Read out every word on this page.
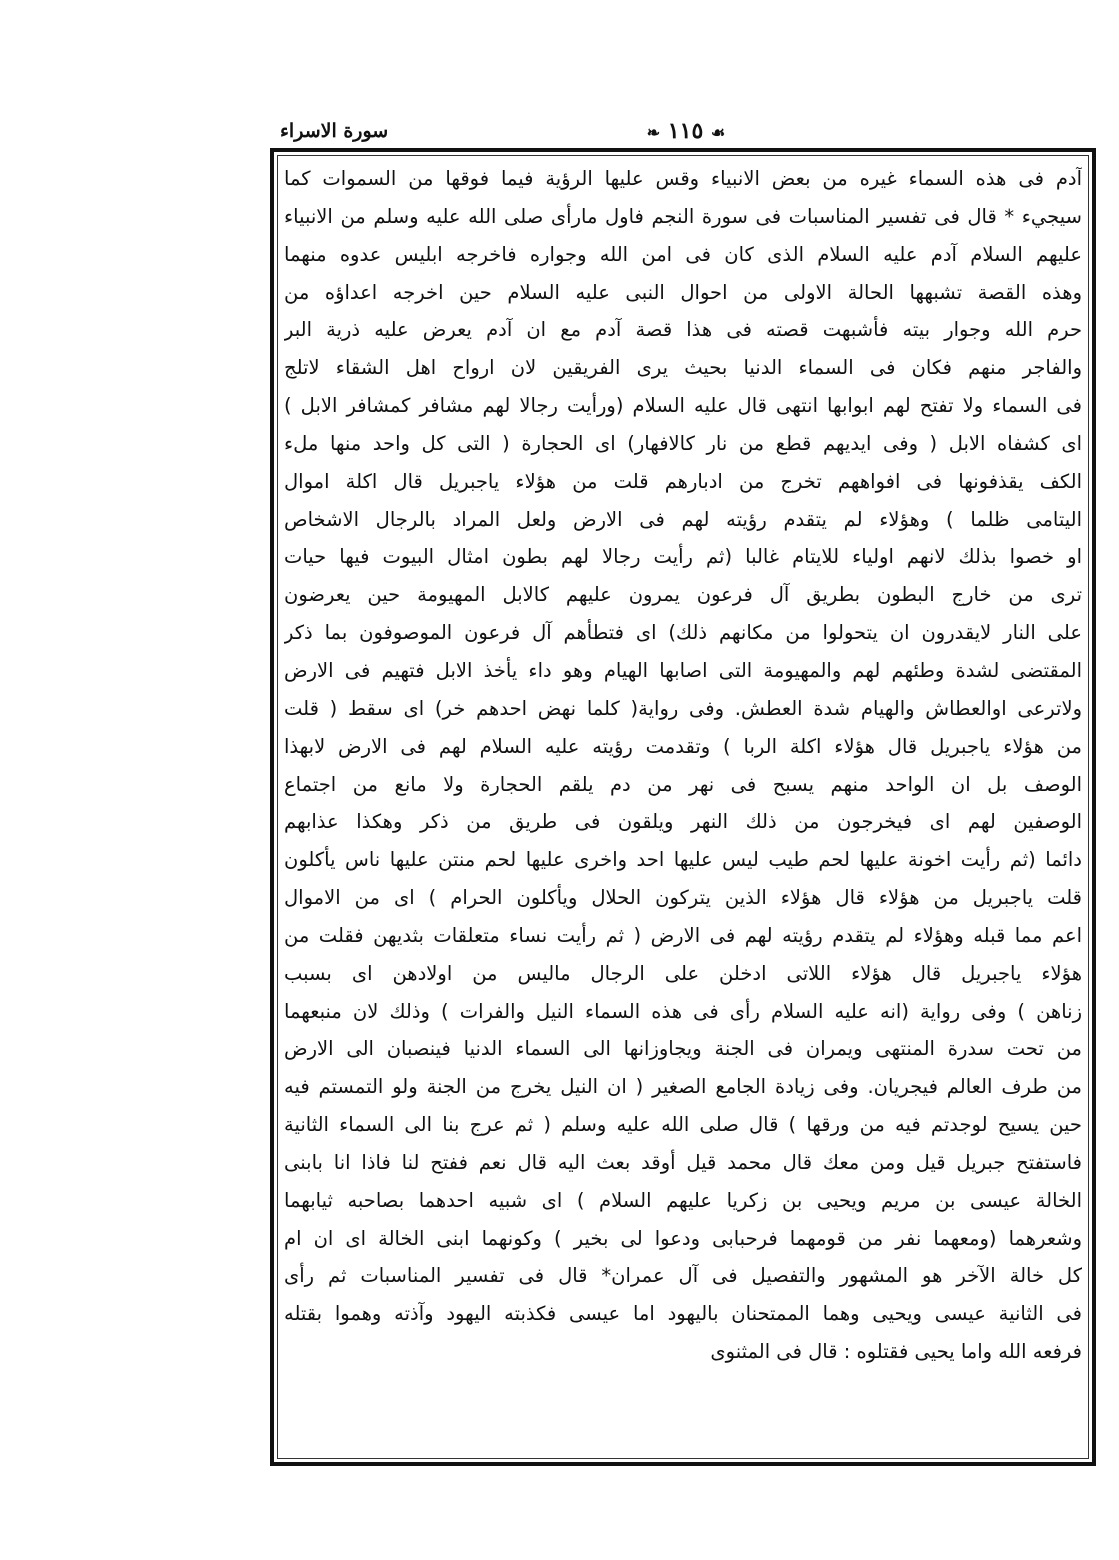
☙ ١١٥ ❧
سورة الاسراء
آدم فى هذه السماء غيره من بعض الانبياء وقس عليها الرؤية فيما فوقها من السموات كما
سيجيء * قال فى تفسير المناسبات فى سورة النجم فاول مارأى صلى الله عليه وسلم من الانبياء
عليهم السلام آدم عليه السلام الذى كان فى امن الله وجواره فاخرجه ابليس عدوه منهما
وهذه القصة تشبهها الحالة الاولى من احوال النبى عليه السلام حين اخرجه اعداؤه من
حرم الله وجوار بيته فأشبهت قصته فى هذا قصة آدم مع ان آدم يعرض عليه ذرية البر
والفاجر منهم فكان فى السماء الدنيا بحيث يرى الفريقين لان ارواح اهل الشقاء لاتلج
فى السماء ولا تفتح لهم ابوابها انتهى قال عليه السلام (ورأيت رجالا لهم مشافر كمشافر الابل )
اى كشفاه الابل ( وفى ايديهم قطع من نار كالافهار) اى الحجارة ( التى كل واحد منها ملء
الكف يقذفونها فى افواههم تخرج من ادبارهم قلت من هؤلاء ياجبريل قال اكلة اموال
اليتامى ظلما ) وهؤلاء لم يتقدم رؤيته لهم فى الارض ولعل المراد بالرجال الاشخاص
او خصوا بذلك لانهم اولياء للايتام غالبا (ثم رأيت رجالا لهم بطون امثال البيوت فيها حيات
ترى من خارج البطون بطريق آل فرعون يمرون عليهم كالابل المهيومة حين يعرضون
على النار لايقدرون ان يتحولوا من مكانهم ذلك) اى فتطأهم آل فرعون الموصوفون بما ذكر
المقتضى لشدة وطئهم لهم والمهيومة التى اصابها الهيام وهو داء يأخذ الابل فتهيم فى الارض
ولاترعى اوالعطاش والهيام شدة العطش. وفى رواية( كلما نهض احدهم خر) اى سقط ( قلت
من هؤلاء ياجبريل قال هؤلاء اكلة الربا ) وتقدمت رؤيته عليه السلام لهم فى الارض لابهذا
الوصف بل ان الواحد منهم يسبح فى نهر من دم يلقم الحجارة ولا مانع من اجتماع
الوصفين لهم اى فيخرجون من ذلك النهر ويلقون فى طريق من ذكر وهكذا عذابهم
دائما (ثم رأيت اخونة عليها لحم طيب ليس عليها احد واخرى عليها لحم منتن عليها ناس يأكلون
قلت ياجبريل من هؤلاء قال هؤلاء الذين يتركون الحلال ويأكلون الحرام ) اى من الاموال
اعم مما قبله وهؤلاء لم يتقدم رؤيته لهم فى الارض ( ثم رأيت نساء متعلقات بثديهن فقلت من
هؤلاء ياجبريل قال هؤلاء اللاتى ادخلن على الرجال ماليس من اولادهن اى بسبب
زناهن ) وفى رواية (انه عليه السلام رأى فى هذه السماء النيل والفرات ) وذلك لان منبعهما
من تحت سدرة المنتهى ويمران فى الجنة ويجاوزانها الى السماء الدنيا فينصبان الى الارض
من طرف العالم فيجريان. وفى زيادة الجامع الصغير ( ان النيل يخرج من الجنة ولو التمستم فيه
حين يسيح لوجدتم فيه من ورقها ) قال صلى الله عليه وسلم ( ثم عرج بنا الى السماء الثانية
فاستفتح جبريل قيل ومن معك قال محمد قيل أوقد بعث اليه قال نعم ففتح لنا فاذا انا بابنى
الخالة عيسى بن مريم ويحيى بن زكريا عليهم السلام ) اى شبيه احدهما بصاحبه ثيابهما
وشعرهما (ومعهما نفر من قومهما فرحبابى ودعوا لى بخير ) وكونهما ابنى الخالة اى ان ام
كل خالة الآخر هو المشهور والتفصيل فى آل عمران* قال فى تفسير المناسبات ثم رأى
فى الثانية عيسى ويحيى وهما الممتحنان باليهود اما عيسى فكذبته اليهود وآذته وهموا بقتله
فرفعه الله واما يحيى فقتلوه : قال فى المثنوى
